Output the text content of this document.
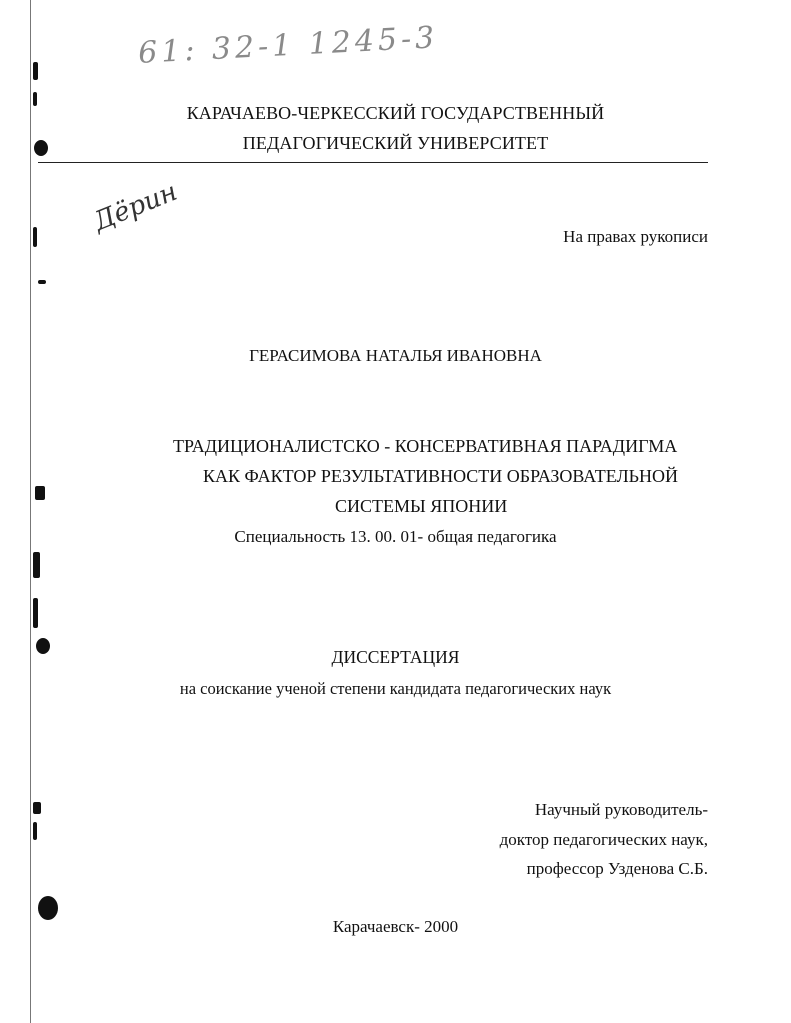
61: 32-1 1245-3
Дёрин
КАРАЧАЕВО-ЧЕРКЕССКИЙ ГОСУДАРСТВЕННЫЙ
ПЕДАГОГИЧЕСКИЙ УНИВЕРСИТЕТ
На правах рукописи
ГЕРАСИМОВА НАТАЛЬЯ ИВАНОВНА
ТРАДИЦИОНАЛИСТСКО - КОНСЕРВАТИВНАЯ ПАРАДИГМА
КАК ФАКТОР РЕЗУЛЬТАТИВНОСТИ ОБРАЗОВАТЕЛЬНОЙ
СИСТЕМЫ ЯПОНИИ
Специальность 13. 00. 01- общая педагогика
ДИССЕРТАЦИЯ
на соискание ученой степени кандидата педагогических наук
Научный руководитель-
доктор педагогических наук,
профессор Узденова С.Б.
Карачаевск- 2000
